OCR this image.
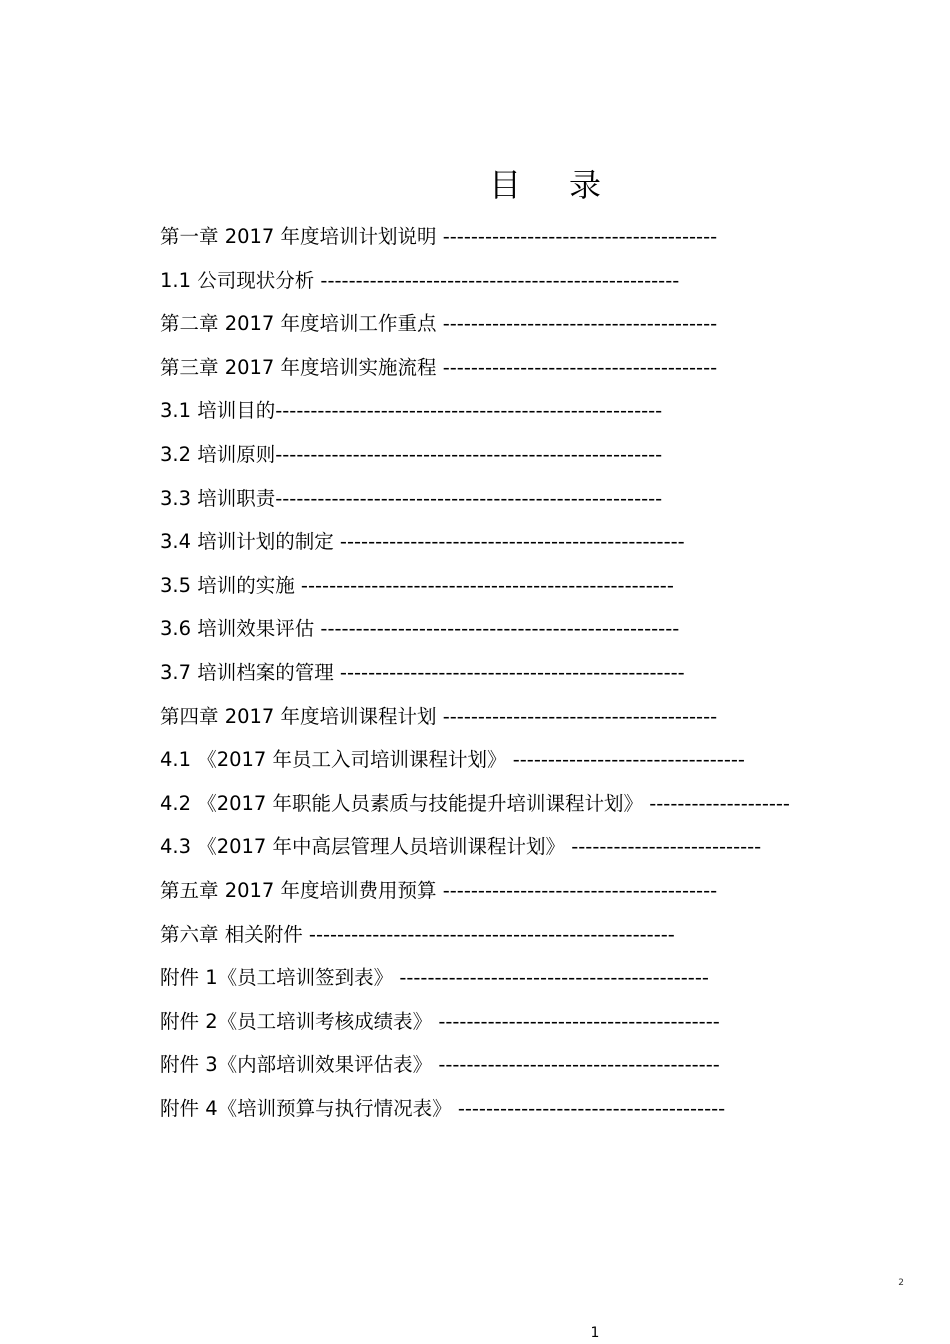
目 录
第一章 2017 年度培训计划说明 ---------------------------------------
1.1 公司现状分析 ---------------------------------------------------
第二章 2017 年度培训工作重点 ---------------------------------------
第三章 2017 年度培训实施流程 ---------------------------------------
3.1 培训目的-------------------------------------------------------
3.2 培训原则-------------------------------------------------------
3.3 培训职责-------------------------------------------------------
3.4 培训计划的制定 -------------------------------------------------
3.5 培训的实施 -----------------------------------------------------
3.6 培训效果评估 ---------------------------------------------------
3.7 培训档案的管理 -------------------------------------------------
第四章 2017 年度培训课程计划 ---------------------------------------
4.1 《2017 年员工入司培训课程计划》 ---------------------------------
4.2 《2017 年职能人员素质与技能提升培训课程计划》 --------------------
4.3 《2017 年中高层管理人员培训课程计划》 ---------------------------
第五章 2017 年度培训费用预算 ---------------------------------------
第六章 相关附件 ----------------------------------------------------
附件 1《员工培训签到表》 --------------------------------------------
附件 2《员工培训考核成绩表》 ----------------------------------------
附件 3《内部培训效果评估表》 ----------------------------------------
附件 4《培训预算与执行情况表》 --------------------------------------
2
1
